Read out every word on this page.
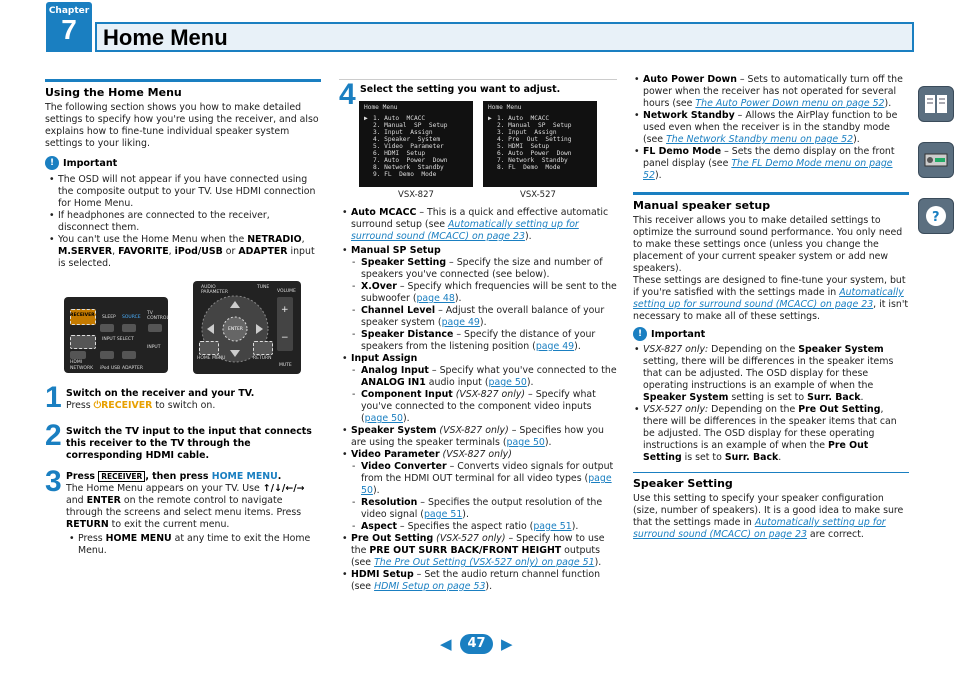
Chapter
7	Home Menu
?
Using the Home Menu

The following section shows you how to make detailed settings to specify how you're using the receiver, and also explains how to fine-tune individual speaker system settings to your liking.

! Important
• The OSD will not appear if you have connected using the composite output to your TV. Use HDMI connection for Home Menu.
• If headphones are connected to the receiver, disconnect them.
• You can't use the Home Menu when the NETRADIO, M.SERVER, FAVORITE, iPod/USB or ADAPTER input is selected.
RECEIVER SLEEP SOURCE
TV CONTROL
INPUT SELECT
INPUT
HDMI
NETWORK iPod USB ADAPTER
AUDIO PARAMETER
TUNE
VOLUME
ENTER
+
−
HOME MENU	RETURN
MUTE
1 Switch on the receiver and your TV.

Press ⏻RECEIVER to switch on.

2 Switch the TV input to the input that connects this receiver to the TV through the corresponding HDMI cable.
3 Press RECEIVER , then press HOME MENU.

The Home Menu appears on your TV. Use ↑/↓/←/→ and ENTER on the remote control to navigate through the screens and select menu items. Press RETURN to exit the current menu.

• Press HOME MENU at any time to exit the Home Menu.
4 Select the setting you want to adjust.
Home Menu
▶ 1. Auto  MCACC
2. Manual  SP  Setup
3. Input  Assign
4. Speaker  System
5. Video  Parameter
6. HDMI  Setup
7. Auto  Power  Down
8. Network  Standby
9. FL  Demo  Mode
VSX-827
Home Menu
▶ 1. Auto  MCACC
2. Manual  SP  Setup
3. Input  Assign
4. Pre  Out  Setting
5. HDMI  Setup
6. Auto  Power  Down
7. Network  Standby
8. FL  Demo  Mode
VSX-527
• Auto MCACC – This is a quick and effective automatic surround setup (see Automatically setting up for surround sound (MCACC) on page 23).
• Manual SP Setup
- Speaker Setting – Specify the size and number of speakers you've connected (see below).
- X.Over – Specify which frequencies will be sent to the subwoofer (page 48).
- Channel Level – Adjust the overall balance of your speaker system (page 49).
- Speaker Distance – Specify the distance of your speakers from the listening position (page 49).
• Input Assign
- Analog Input – Specify what you've connected to the ANALOG IN1 audio input (page 50).
- Component Input (VSX-827 only) – Specify what you've connected to the component video inputs (page 50).
• Speaker System (VSX-827 only) – Specifies how you are using the speaker terminals (page 50).
• Video Parameter (VSX-827 only)
- Video Converter – Converts video signals for output from the HDMI OUT terminal for all video types (page 50).
- Resolution – Specifies the output resolution of the video signal (page 51).
- Aspect – Specifies the aspect ratio (page 51).
• Pre Out Setting (VSX-527 only) – Specify how to use the PRE OUT SURR BACK/FRONT HEIGHT outputs (see The Pre Out Setting (VSX-527 only) on page 51).
• HDMI Setup – Set the audio return channel function (see HDMI Setup on page 53).
• Auto Power Down – Sets to automatically turn off the power when the receiver has not operated for several hours (see The Auto Power Down menu on page 52).
• Network Standby – Allows the AirPlay function to be used even when the receiver is in the standby mode (see The Network Standby menu on page 52).
• FL Demo Mode – Sets the demo display on the front panel display (see The FL Demo Mode menu on page 52).
Manual speaker setup

This receiver allows you to make detailed settings to optimize the surround sound performance. You only need to make these settings once (unless you change the placement of your current speaker system or add new speakers).

These settings are designed to fine-tune your system, but if you're satisfied with the settings made in Automatically setting up for surround sound (MCACC) on page 23, it isn't necessary to make all of these settings.

! Important
• VSX-827 only: Depending on the Speaker System setting, there will be differences in the speaker items that can be adjusted. The OSD display for these operating instructions is an example of when the Speaker System setting is set to Surr. Back.
• VSX-527 only: Depending on the Pre Out Setting, there will be differences in the speaker items that can be adjusted. The OSD display for these operating instructions is an example of when the Pre Out Setting is set to Surr. Back.
Speaker Setting

Use this setting to specify your speaker configuration (size, number of speakers). It is a good idea to make sure that the settings made in Automatically setting up for surround sound (MCACC) on page 23 are correct.

◀	47	▶
